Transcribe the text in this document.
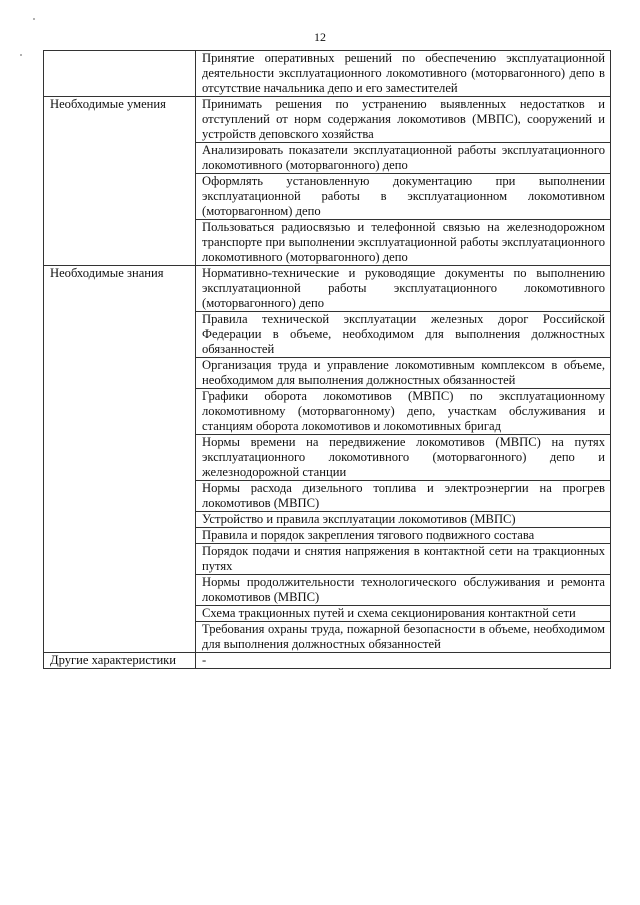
12
	Принятие оперативных решений по обеспечению эксплуатационной деятельности эксплуатационного локомотивного (моторвагонного) депо в отсутствие начальника депо и его заместителей
Необходимые умения	Принимать решения по устранению выявленных недостатков и отступлений от норм содержания локомотивов (МВПС), сооружений и устройств деповского хозяйства
	Анализировать показатели эксплуатационной работы эксплуатационного локомотивного (моторвагонного) депо
	Оформлять установленную документацию при выполнении эксплуатационной работы в эксплуатационном локомотивном (моторвагонном) депо
	Пользоваться радиосвязью и телефонной связью на железнодорожном транспорте при выполнении эксплуатационной работы эксплуатационного локомотивного (моторвагонного) депо
Необходимые знания	Нормативно-технические и руководящие документы по выполнению эксплуатационной работы эксплуатационного локомотивного (моторвагонного) депо
	Правила технической эксплуатации железных дорог Российской Федерации в объеме, необходимом для выполнения должностных обязанностей
	Организация труда и управление локомотивным комплексом в объеме, необходимом для выполнения должностных обязанностей
	Графики оборота локомотивов (МВПС) по эксплуатационному локомотивному (моторвагонному) депо, участкам обслуживания и станциям оборота локомотивов и локомотивных бригад
	Нормы времени на передвижение локомотивов (МВПС) на путях эксплуатационного локомотивного (моторвагонного) депо и железнодорожной станции
	Нормы расхода дизельного топлива и электроэнергии на прогрев локомотивов (МВПС)
	Устройство и правила эксплуатации локомотивов (МВПС)
	Правила и порядок закрепления тягового подвижного состава
	Порядок подачи и снятия напряжения в контактной сети на тракционных путях
	Нормы продолжительности технологического обслуживания и ремонта локомотивов (МВПС)
	Схема тракционных путей и схема секционирования контактной сети
	Требования охраны труда, пожарной безопасности в объеме, необходимом для выполнения должностных обязанностей
Другие характеристики	-
